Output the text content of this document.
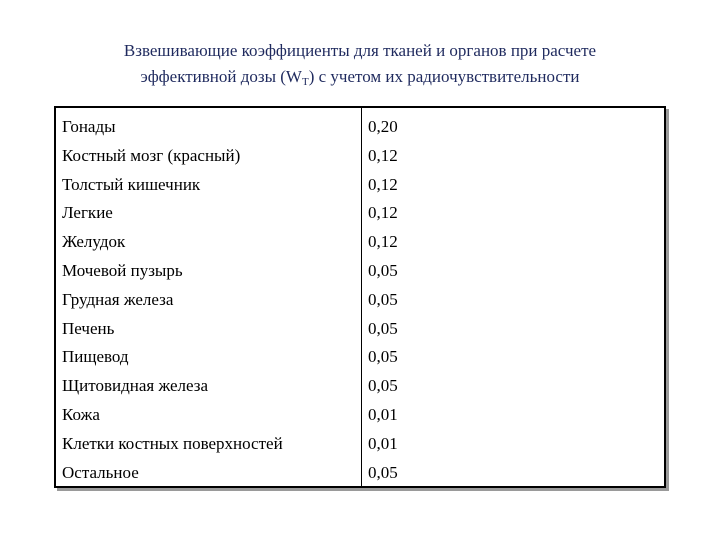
Взвешивающие коэффициенты для тканей и органов при расчете
эффективной дозы $(W_T)$ с учетом их радиочувствительности
Гонады
Костный мозг (красный)
Толстый кишечник
Легкие
Желудок
Мочевой пузырь
Грудная железа
Печень
Пищевод
Щитовидная железа
Кожа
Клетки костных поверхностей
Остальное
0,20
0,12
0,12
0,12
0,12
0,05
0,05
0,05
0,05
0,05
0,01
0,01
0,05
